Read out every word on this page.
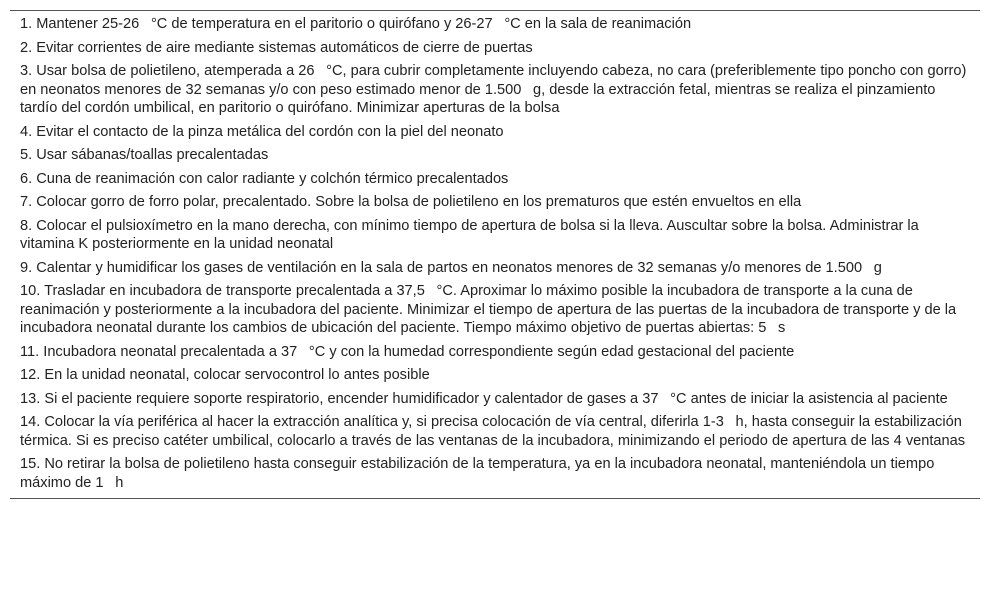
1. Mantener 25-26    °C de temperatura en el paritorio o quirófano y 26-27    °C en la sala de reanimación
2. Evitar corrientes de aire mediante sistemas automáticos de cierre de puertas
3. Usar bolsa de polietileno, atemperada a 26    °C, para cubrir completamente incluyendo cabeza, no cara (preferiblemente tipo poncho con gorro) en neonatos menores de 32 semanas y/o con peso estimado menor de 1.500    g, desde la extracción fetal, mientras se realiza el pinzamiento tardío del cordón umbilical, en paritorio o quirófano. Minimizar aperturas de la bolsa
4. Evitar el contacto de la pinza metálica del cordón con la piel del neonato
5. Usar sábanas/toallas precalentadas
6. Cuna de reanimación con calor radiante y colchón térmico precalentados
7. Colocar gorro de forro polar, precalentado. Sobre la bolsa de polietileno en los prematuros que estén envueltos en ella
8. Colocar el pulsioxímetro en la mano derecha, con mínimo tiempo de apertura de bolsa si la lleva. Auscultar sobre la bolsa. Administrar la vitamina K posteriormente en la unidad neonatal
9. Calentar y humidificar los gases de ventilación en la sala de partos en neonatos menores de 32 semanas y/o menores de 1.500    g
10. Trasladar en incubadora de transporte precalentada a 37,5    °C. Aproximar lo máximo posible la incubadora de transporte a la cuna de reanimación y posteriormente a la incubadora del paciente. Minimizar el tiempo de apertura de las puertas de la incubadora de transporte y de la incubadora neonatal durante los cambios de ubicación del paciente. Tiempo máximo objetivo de puertas abiertas: 5    s
11. Incubadora neonatal precalentada a 37    °C y con la humedad correspondiente según edad gestacional del paciente
12. En la unidad neonatal, colocar servocontrol lo antes posible
13. Si el paciente requiere soporte respiratorio, encender humidificador y calentador de gases a 37    °C antes de iniciar la asistencia al paciente
14. Colocar la vía periférica al hacer la extracción analítica y, si precisa colocación de vía central, diferirla 1-3    h, hasta conseguir la estabilización térmica. Si es preciso catéter umbilical, colocarlo a través de las ventanas de la incubadora, minimizando el periodo de apertura de las 4 ventanas
15. No retirar la bolsa de polietileno hasta conseguir estabilización de la temperatura, ya en la incubadora neonatal, manteniéndola un tiempo máximo de 1    h
